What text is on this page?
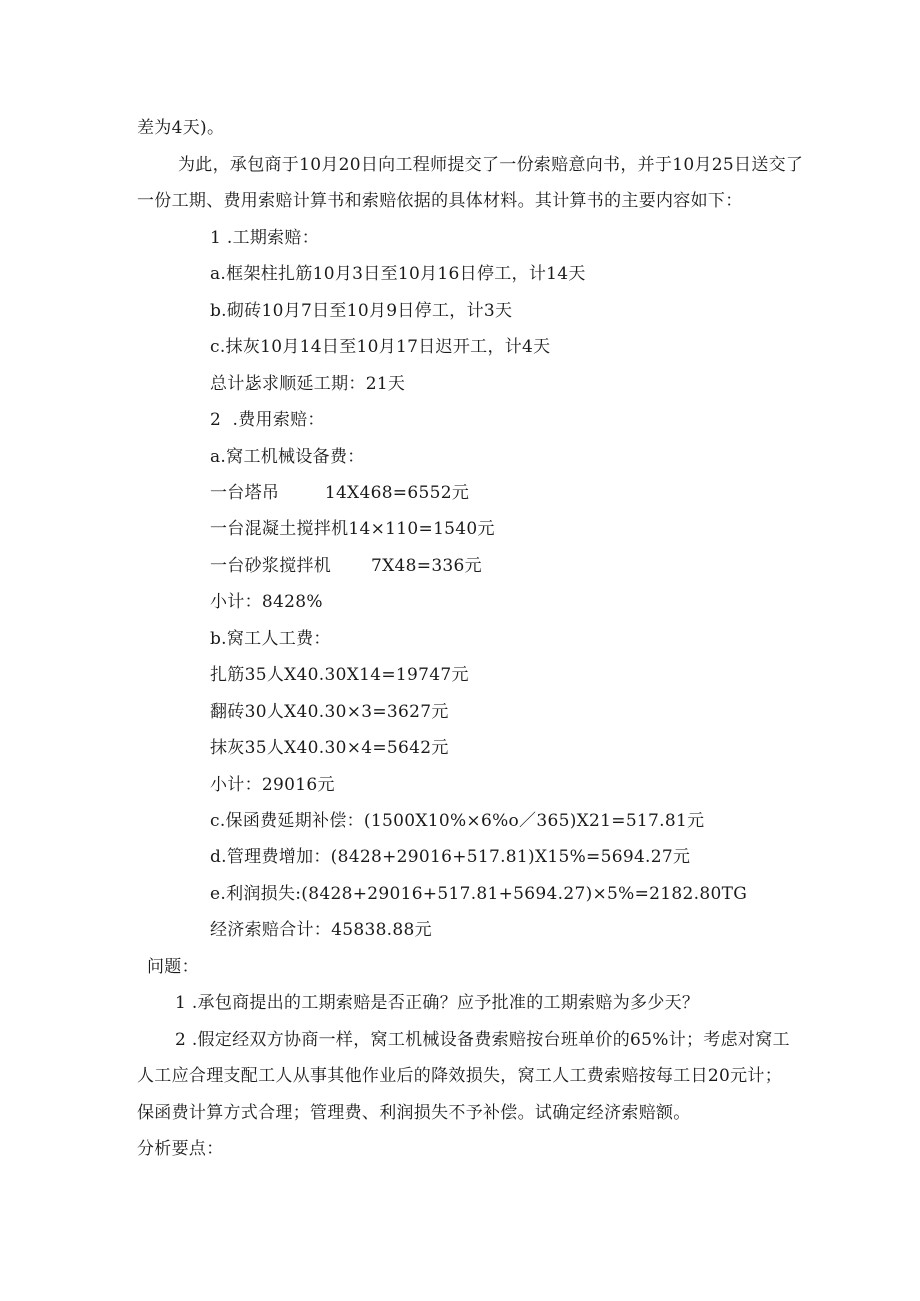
差为4天)。
为此，承包商于10月20日向工程师提交了一份索赔意向书，并于10月25日送交了
一份工期、费用索赔计算书和索赔依据的具体材料。其计算书的主要内容如下：
1 .工期索赔：
a.框架柱扎筋10月3日至10月16日停工，计14天
b.砌砖10月7日至10月9日停工，计3天
c.抹灰10月14日至10月17日迟开工，计4天
总计毖求顺延工期：21天
2  .费用索赔：
a.窝工机械设备费：
一台塔吊        14X468=6552元
一台混凝土搅拌机14×110=1540元
一台砂浆搅拌机       7X48=336元
小计：8428%
b.窝工人工费：
扎筋35人X40.30X14=19747元
翻砖30人X40.30×3=3627元
抹灰35人X40.30×4=5642元
小计：29016元
c.保函费延期补偿：(1500X10%×6%o／365)X21=517.81元
d.管理费增加：(8428+29016+517.81)X15%=5694.27元
e.利润损失:(8428+29016+517.81+5694.27)×5%=2182.80TG
经济索赔合计：45838.88元
问题：
1 .承包商提出的工期索赔是否正确？应予批准的工期索赔为多少天？
2 .假定经双方协商一样，窝工机械设备费索赔按台班单价的65%计；考虑对窝工
人工应合理支配工人从事其他作业后的降效损失，窝工人工费索赔按每工日20元计；
保函费计算方式合理；管理费、利润损失不予补偿。试确定经济索赔额。
分析要点：
